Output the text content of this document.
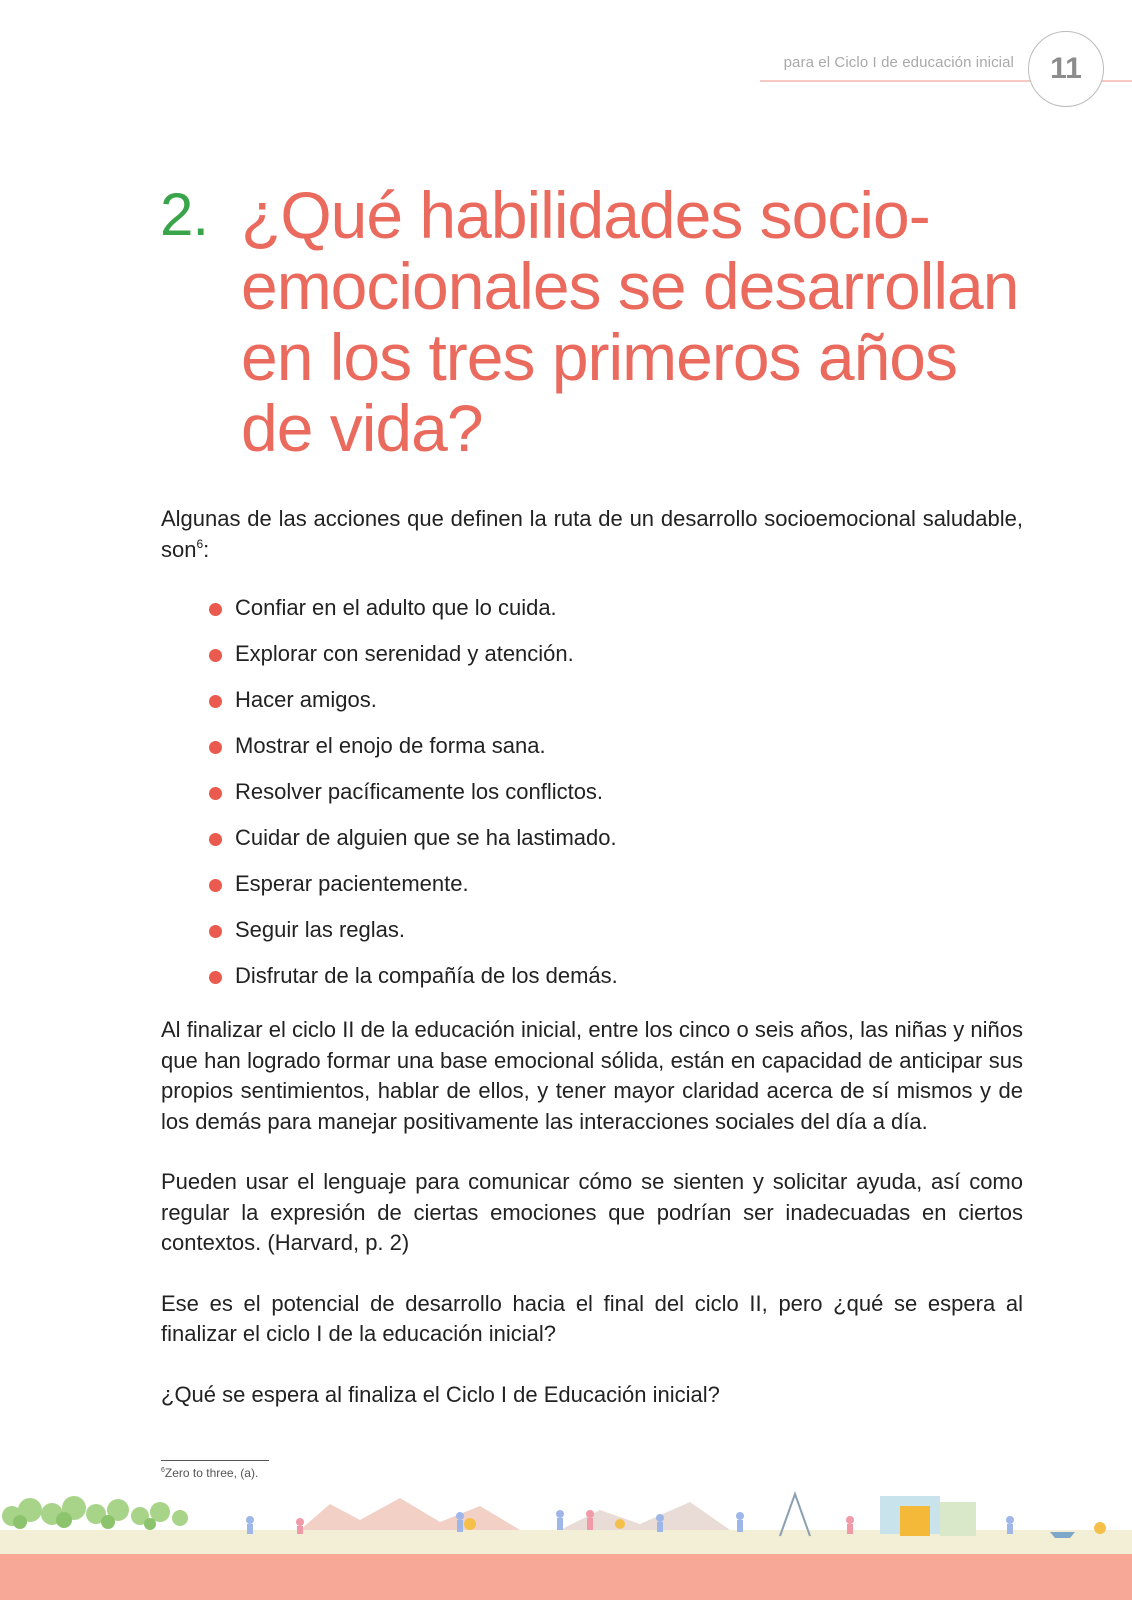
para el Ciclo I de educación inicial	11
2. ¿Qué habilidades socio-
emocionales se desarrollan
en los tres primeros años
de vida?

Algunas de las acciones que definen la ruta de un desarrollo socioemocional saludable, son$^6$:

Confiar en el adulto que lo cuida.
Explorar con serenidad y atención.
Hacer amigos.
Mostrar el enojo de forma sana.
Resolver pacíficamente los conflictos.
Cuidar de alguien que se ha lastimado.
Esperar pacientemente.
Seguir las reglas.
Disfrutar de la compañía de los demás.

Al finalizar el ciclo II de la educación inicial, entre los cinco o seis años, las niñas y niños que han logrado formar una base emocional sólida, están en capacidad de anticipar sus propios sentimientos, hablar de ellos, y tener mayor claridad acerca de sí mismos y de los demás para manejar positivamente las interacciones sociales del día a día.

Pueden usar el lenguaje para comunicar cómo se sienten y solicitar ayuda, así como regular la expresión de ciertas emociones que podrían ser inadecuadas en ciertos contextos. (Harvard, p. 2)

Ese es el potencial de desarrollo hacia el final del ciclo II, pero ¿qué se espera al finalizar el ciclo I de la educación inicial?

¿Qué se espera al finaliza el Ciclo I de Educación inicial?

$^6$Zero to three, (a).
